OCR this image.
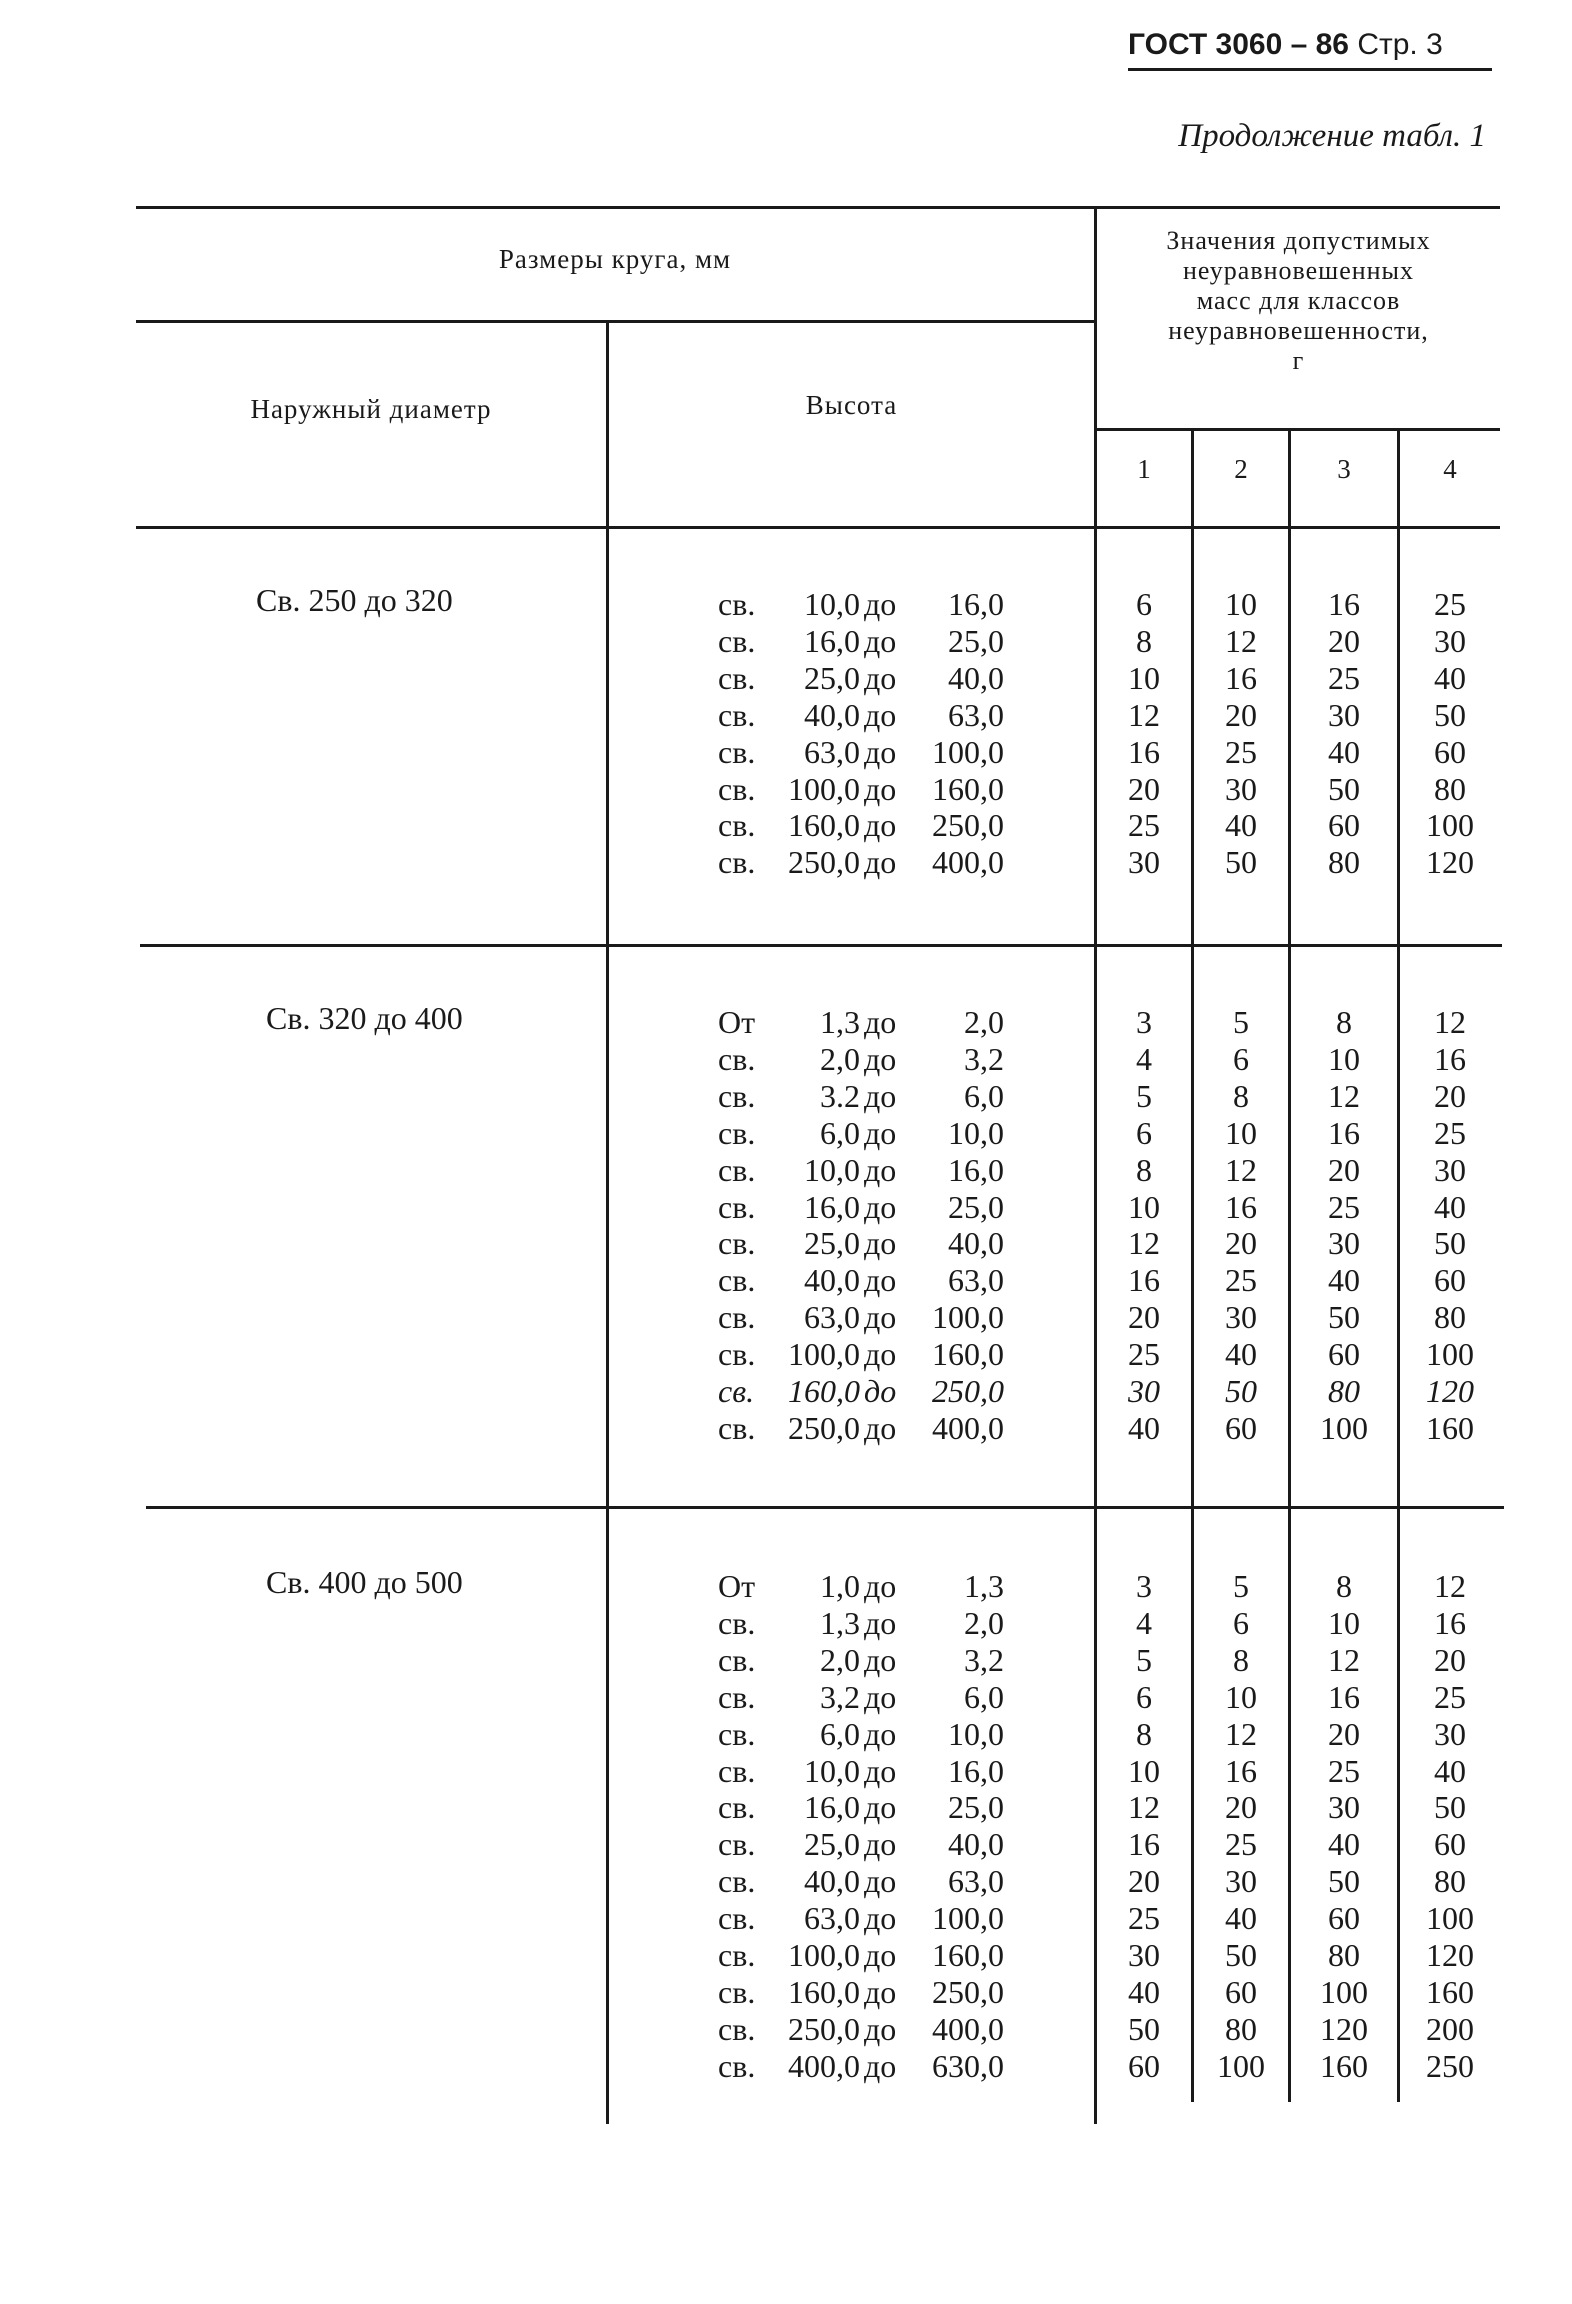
ГОСТ 3060 – 86 Стр. 3
Продолжение табл. 1
Размеры круга, мм
Наружный диаметр	Высота
Значения допустимых
неуравновешенных
масс для классов
неуравновешенности,
г
1	2	3	4
Св. 250 до 320	св.	10,0 до	16,0	6	10	16	25
св.	16,0 до	25,0	8	12	20	30
св.	25,0 до	40,0	10	16	25	40
св.	40,0 до	63,0	12	20	30	50
св.	63,0 до	100,0	16	25	40	60
св.	100,0 до	160,0	20	30	50	80
св.	160,0 до	250,0	25	40	60	100
св.	250,0 до	400,0	30	50	80	120
Св. 320 до 400	От	1,3 до	2,0	3	5	8	12
св.	2,0 до	3,2	4	6	10	16
св.	3.2 до	6,0	5	8	12	20
св.	6,0 до	10,0	6	10	16	25
св.	10,0 до	16,0	8	12	20	30
св.	16,0 до	25,0	10	16	25	40
св.	25,0 до	40,0	12	20	30	50
св.	40,0 до	63,0	16	25	40	60
св.	63,0 до	100,0	20	30	50	80
св.	100,0 до	160,0	25	40	60	100
св.	160,0 до	250,0	30	50	80	120
св.	250,0 до	400,0	40	60	100	160
Св. 400 до 500	От	1,0 до	1,3	3	5	8	12
св.	1,3 до	2,0	4	6	10	16
св.	2,0 до	3,2	5	8	12	20
св.	3,2 до	6,0	6	10	16	25
св.	6,0 до	10,0	8	12	20	30
св.	10,0 до	16,0	10	16	25	40
св.	16,0 до	25,0	12	20	30	50
св.	25,0 до	40,0	16	25	40	60
св.	40,0 до	63,0	20	30	50	80
св.	63,0 до	100,0	25	40	60	100
св.	100,0 до	160,0	30	50	80	120
св.	160,0 до	250,0	40	60	100	160
св.	250,0 до	400,0	50	80	120	200
св.	400,0 до	630,0	60	100	160	250
